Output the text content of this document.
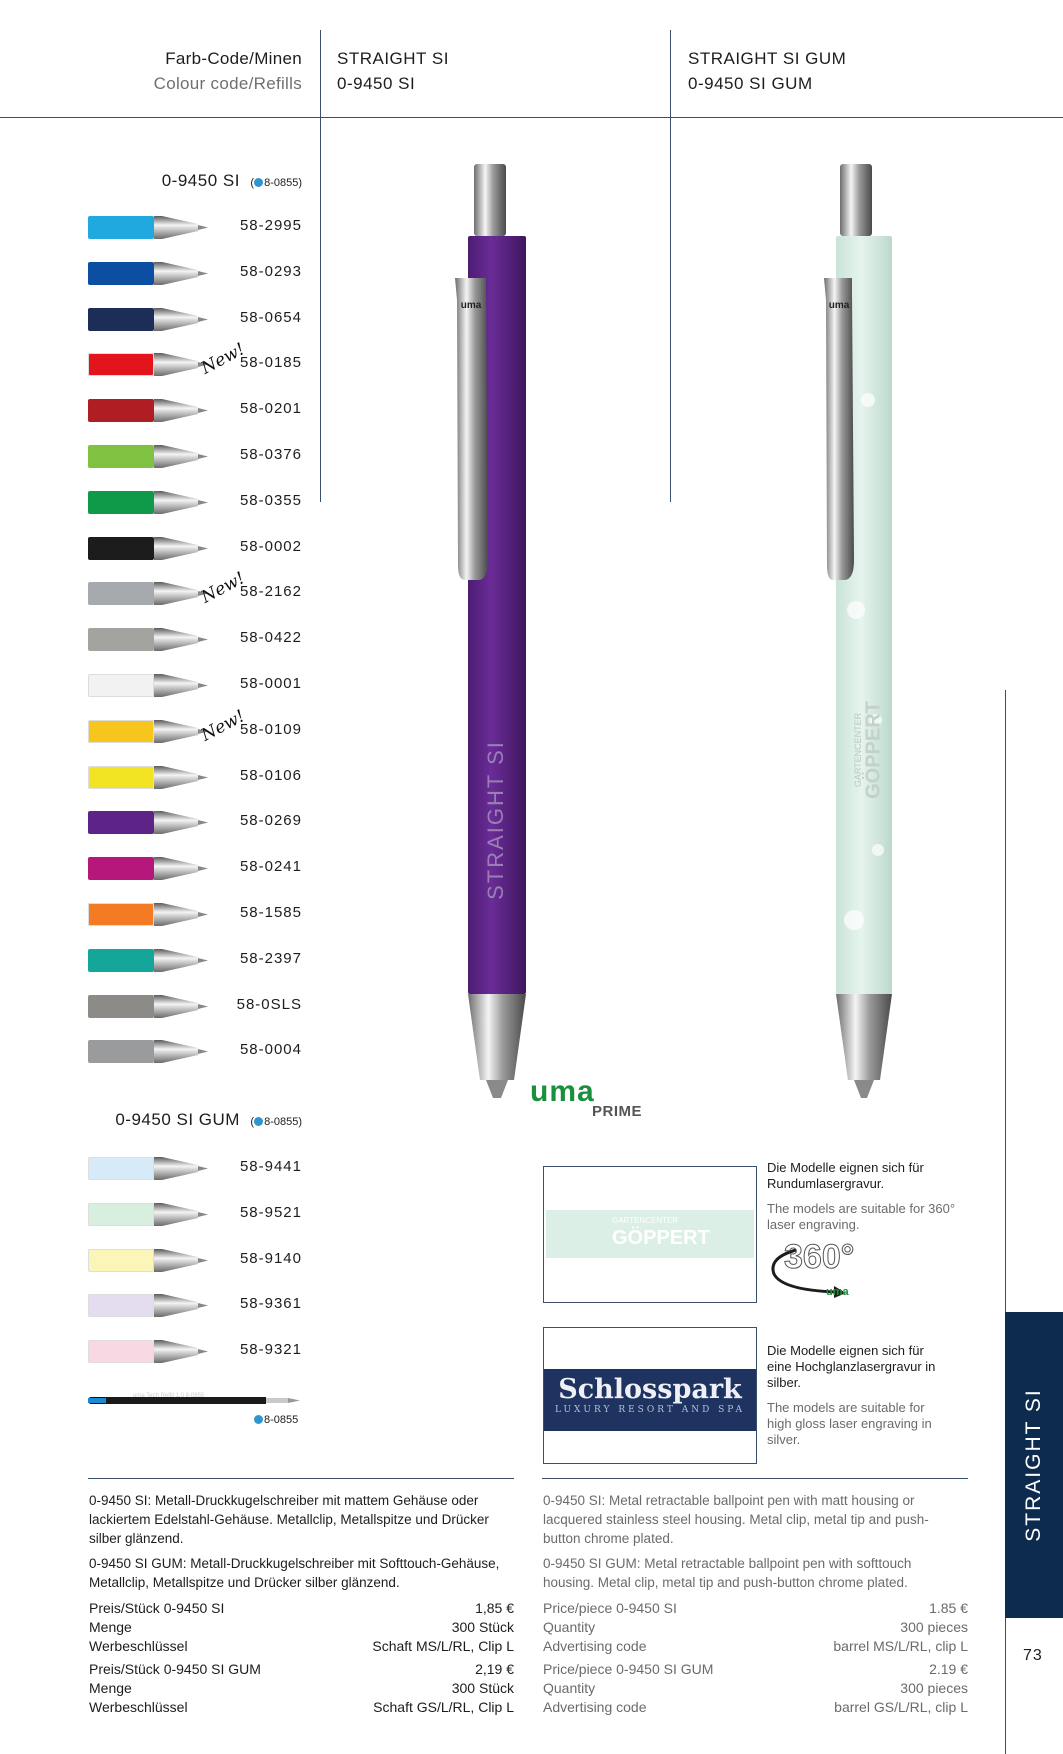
Farb-Code/Minen
Colour code/Refills
STRAIGHT SI
0-9450 SI
STRAIGHT SI GUM
0-9450 SI GUM
0-9450 SI ( 8-0855)
58-2995
58-0293
58-0654
58-0185
New!
58-0201
58-0376
58-0355
58-0002
58-2162
New!
58-0422
58-0001
58-0109
New!
58-0106
58-0269
58-0241
58-1585
58-2397
58-0SLS
58-0004
0-9450 SI GUM ( 8-0855)
58-9441
58-9521
58-9140
58-9361
58-9321
uma Tech Refill 1.0 8-0855
8-0855
uma
STRAIGHT SI
uma
GARTENCENTER GÖPPERT
uma
PRIME
GARTENCENTER
GÖPPERT
Die Modelle eignen sich für Rundumlasergravur.
The models are suitable for 360° laser engraving.
360°
uma
Schlosspark
LUXURY RESORT AND SPA
Die Modelle eignen sich für eine Hochglanzlasergravur in silber.
The models are suitable for high gloss laser engraving in silver.
0-9450 SI: Metall-Druckkugelschreiber mit mattem Gehäuse oder lackiertem Edelstahl-Gehäuse. Metallclip, Metallspitze und Drücker silber glänzend.
0-9450 SI GUM: Metall-Druckkugelschreiber mit Softtouch-Gehäuse, Metallclip, Metallspitze und Drücker silber glänzend.
Preis/Stück 0-9450 SI	1,85 €
Menge	300 Stück
Werbeschlüssel	Schaft MS/L/RL, Clip L
Preis/Stück 0-9450 SI GUM	2,19 €
Menge	300 Stück
Werbeschlüssel	Schaft GS/L/RL, Clip L
0-9450 SI: Metal retractable ballpoint pen with matt housing or lacquered stainless steel housing. Metal clip, metal tip and push-button chrome plated.
0-9450 SI GUM: Metal retractable ballpoint pen with softtouch housing. Metal clip, metal tip and push-button chrome plated.
Price/piece 0-9450 SI	1.85 €
Quantity	300 pieces
Advertising code	barrel MS/L/RL, clip L
Price/piece 0-9450 SI GUM	2.19 €
Quantity	300 pieces
Advertising code	barrel GS/L/RL, clip L
STRAIGHT SI
73
